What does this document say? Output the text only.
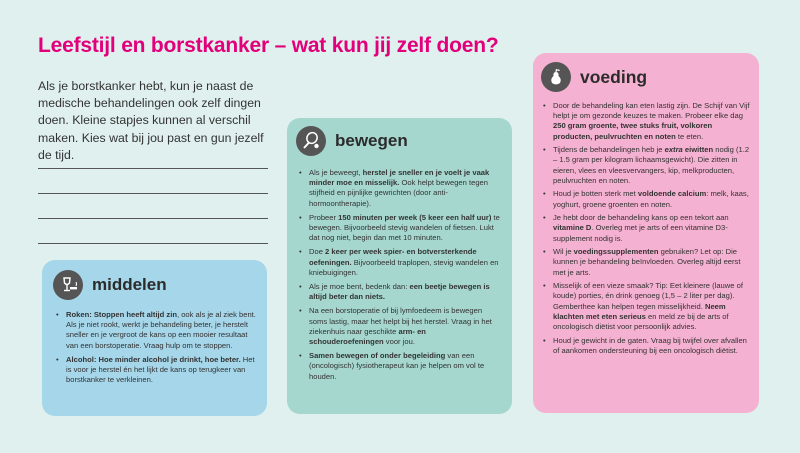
Leefstijl en borstkanker – wat kun jij zelf doen?

Als je borstkanker hebt, kun je naast de medische behandelingen ook zelf dingen doen. Kleine stapjes kunnen al verschil maken. Kies wat bij jou past en gun jezelf de tijd.

middelen
• Roken: Stoppen heeft altijd zin, ook als je al ziek bent. Als je niet rookt, werkt je behandeling beter, je herstelt sneller en je vergroot de kans op een mooier resultaat van een borstoperatie. Vraag hulp om te stoppen.
• Alcohol: Hoe minder alcohol je drinkt, hoe beter. Het is voor je herstel én het lijkt de kans op terugkeer van borstkanker te verkleinen.
bewegen
• Als je beweegt, herstel je sneller en je voelt je vaak minder moe en misselijk. Ook helpt bewegen tegen stijfheid en pijnlijke gewrichten (door anti-hormoontherapie).
• Probeer 150 minuten per week (5 keer een half uur) te bewegen. Bijvoorbeeld stevig wandelen of fietsen. Lukt dat nog niet, begin dan met 10 minuten.
• Doe 2 keer per week spier- en botversterkende oefeningen. Bijvoorbeeld traplopen, stevig wandelen en kniebuigingen.
• Als je moe bent, bedenk dan: een beetje bewegen is altijd beter dan niets.
• Na een borstoperatie of bij lymfoedeem is bewegen soms lastig, maar het helpt bij het herstel. Vraag in het ziekenhuis naar geschikte arm- en schouderoefeningen voor jou.
• Samen bewegen of onder begeleiding van een (oncologisch) fysiotherapeut kan je helpen om vol te houden.
voeding
• Door de behandeling kan eten lastig zijn. De Schijf van Vijf helpt je om gezonde keuzes te maken. Probeer elke dag 250 gram groente, twee stuks fruit, volkoren producten, peulvruchten en noten te eten.
• Tijdens de behandelingen heb je extra eiwitten nodig (1.2 – 1.5 gram per kilogram lichaamsgewicht). Die zitten in eieren, vlees en vleesvervangers, kip, melkproducten, peulvruchten en noten.
• Houd je botten sterk met voldoende calcium: melk, kaas, yoghurt, groene groenten en noten.
• Je hebt door de behandeling kans op een tekort aan vitamine D. Overleg met je arts of een vitamine D3-supplement nodig is.
• Wil je voedingssupplementen gebruiken? Let op: Die kunnen je behandeling beïnvloeden. Overleg altijd eerst met je arts.
• Misselijk of een vieze smaak? Tip: Eet kleinere (lauwe of koude) porties, én drink genoeg (1,5 – 2 liter per dag). Gemberthee kan helpen tegen misselijkheid. Neem klachten met eten serieus en meld ze bij de arts of oncologisch diëtist voor persoonlijk advies.
• Houd je gewicht in de gaten. Vraag bij twijfel over afvallen of aankomen ondersteuning bij een oncologisch diëtist.
